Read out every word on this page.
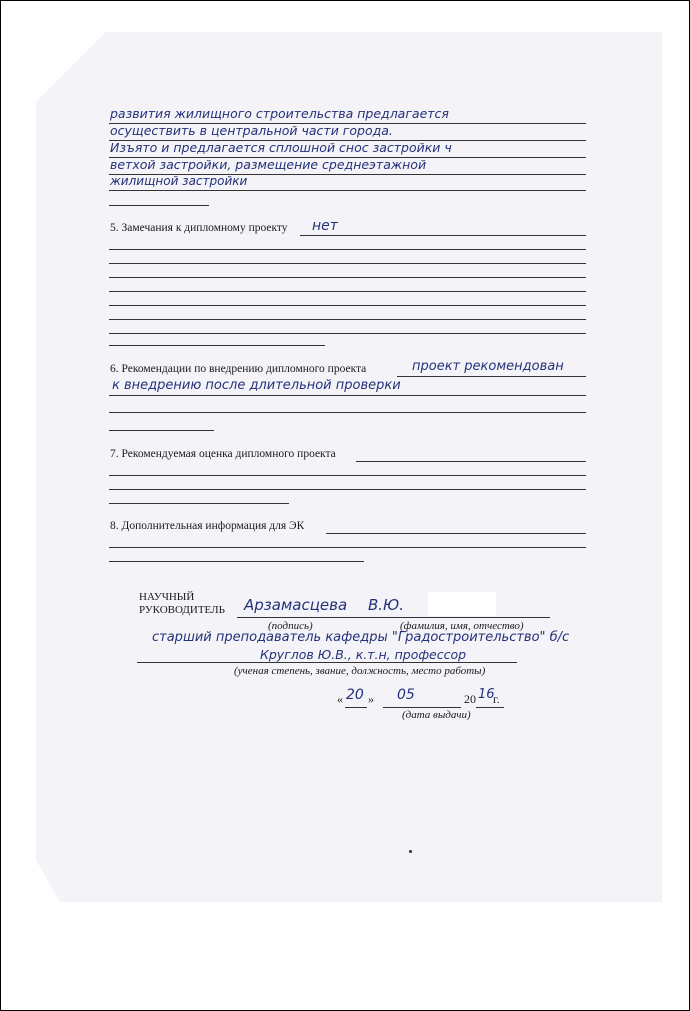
развития жилищного строительства предлагается
осуществить в центральной части города.
Изъято и предлагается сплошной снос застройки ч
ветхой застройки, размещение среднеэтажной
жилищной застройки
5. Замечания к дипломному проекту нет
6. Рекомендации по внедрению дипломного проекта	проект рекомендован
к внедрению после длительной проверки
7. Рекомендуемая оценка дипломного проекта
8. Дополнительная информация для ЭК
НАУЧНЫЙ
РУКОВОДИТЕЛЬ Арзамасцева В.Ю.
(подпись)	(фамилия, имя, отчество)
старший преподаватель кафедры "Градостроительство" б/с
Круглов Ю.В., к.т.н, профессор
(ученая степень, звание, должность, место работы)
« 20 » 05	20 16
г.
(дата выдачи)
